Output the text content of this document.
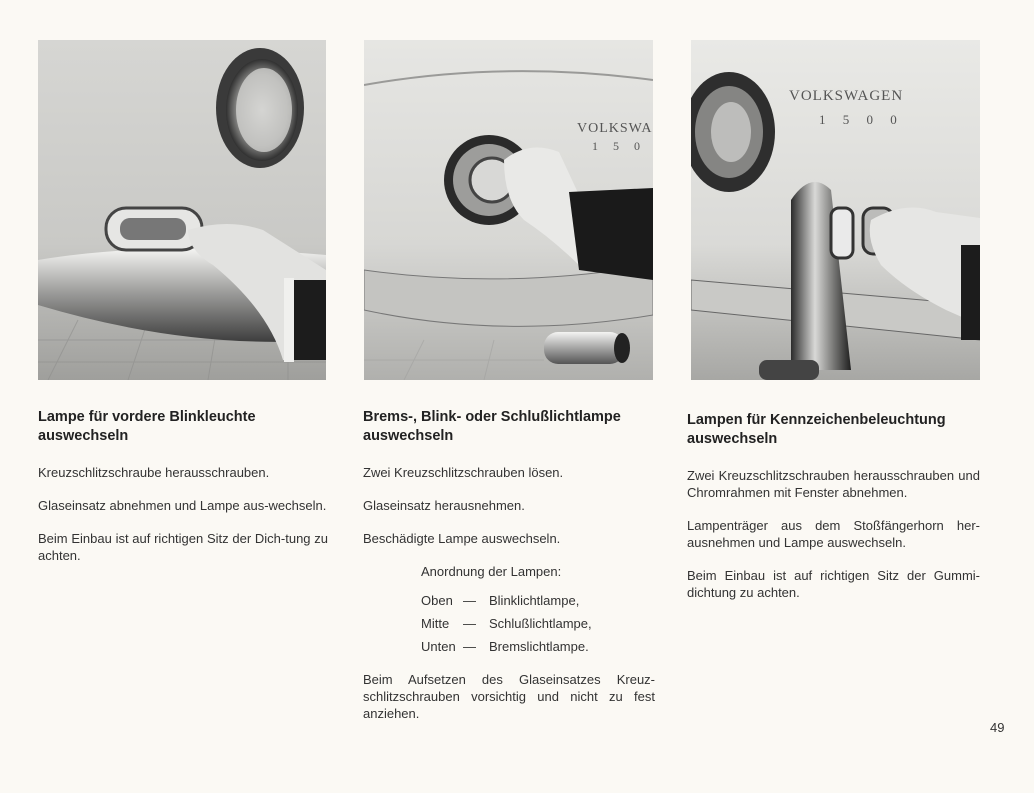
VOLKSWA
1 5 0
VOLKSWAGEN
1 5 0 0

Lampe für vordere Blinkleuchte auswechseln

Kreuzschlitzschraube herausschrauben.

Glaseinsatz abnehmen und Lampe aus-wechseln.

Beim Einbau ist auf richtigen Sitz der Dich-tung zu achten.

Brems-, Blink- oder Schlußlichtlampe auswechseln

Zwei Kreuzschlitzschrauben lösen.

Glaseinsatz herausnehmen.

Beschädigte Lampe auswechseln.

Anordnung der Lampen:

Oben —	Blinklichtlampe,
Mitte	—	Schlußlichtlampe,
Unten —	Bremslichtlampe.

Beim Aufsetzen des Glaseinsatzes Kreuz-schlitzschrauben vorsichtig und nicht zu fest anziehen.

Lampen für Kennzeichenbeleuchtung auswechseln

Zwei Kreuzschlitzschrauben herausschrauben und Chromrahmen mit Fenster abnehmen.

Lampenträger aus dem Stoßfängerhorn her-ausnehmen und Lampe auswechseln.

Beim Einbau ist auf richtigen Sitz der Gummi-dichtung zu achten.

49
